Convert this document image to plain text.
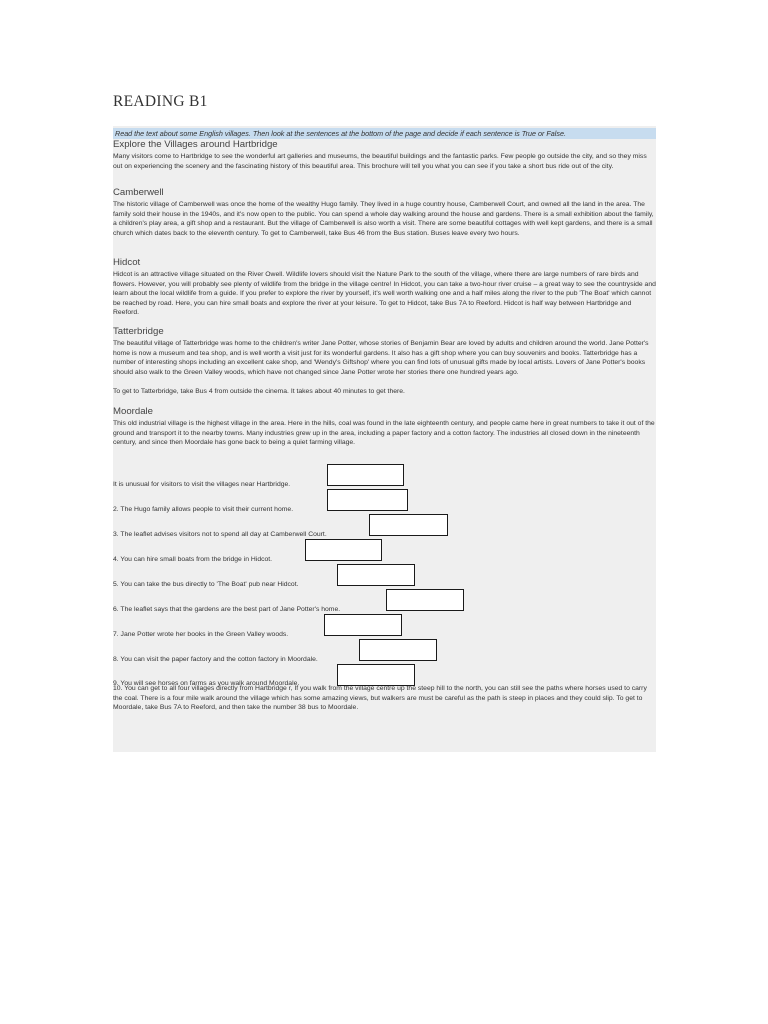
READING B1
Read the text about some English villages. Then look at the sentences at the bottom of the page and decide if each sentence is True or False.
Explore the Villages around Hartbridge

Many visitors come to Hartbridge to see the wonderful art galleries and museums, the beautiful buildings and the fantastic parks. Few people go outside the city, and so they miss out on experiencing the scenery and the fascinating history of this beautiful area. This brochure will tell you what you can see if you take a short bus ride out of the city.

Camberwell

The historic village of Camberwell was once the home of the wealthy Hugo family. They lived in a huge country house, Camberwell Court, and owned all the land in the area. The family sold their house in the 1940s, and it's now open to the public. You can spend a whole day walking around the house and gardens. There is a small exhibition about the family, a children's play area, a gift shop and a restaurant. But the village of Camberwell is also worth a visit. There are some beautiful cottages with well kept gardens, and there is a small church which dates back to the eleventh century. To get to Camberwell, take Bus 46 from the Bus station. Buses leave every two hours.

Hidcot

Hidcot is an attractive village situated on the River Owell. Wildlife lovers should visit the Nature Park to the south of the village, where there are large numbers of rare birds and flowers. However, you will probably see plenty of wildlife from the bridge in the village centre! In Hidcot, you can take a two-hour river cruise – a great way to see the countryside and learn about the local wildlife from a guide. If you prefer to explore the river by yourself, it's well worth walking one and a half miles along the river to the pub 'The Boat' which cannot be reached by road. Here, you can hire small boats and explore the river at your leisure. To get to Hidcot, take Bus 7A to Reeford. Hidcot is half way between Hartbridge and Reeford.

Tatterbridge

The beautiful village of Tatterbridge was home to the children's writer Jane Potter, whose stories of Benjamin Bear are loved by adults and children around the world. Jane Potter's home is now a museum and tea shop, and is well worth a visit just for its wonderful gardens. It also has a gift shop where you can buy souvenirs and books. Tatterbridge has a number of interesting shops including an excellent cake shop, and 'Wendy's Giftshop' where you can find lots of unusual gifts made by local artists. Lovers of Jane Potter's books should also walk to the Green Valley woods, which have not changed since Jane Potter wrote her stories there one hundred years ago.

To get to Tatterbridge, take Bus 4 from outside the cinema. It takes about 40 minutes to get there.

Moordale

This old industrial village is the highest village in the area. Here in the hills, coal was found in the late eighteenth century, and people came here in great numbers to take it out of the ground and transport it to the nearby towns. Many industries grew up in the area, including a paper factory and a cotton factory. The industries all closed down in the nineteenth century, and since then Moordale has gone back to being a quiet farming village.

It is unusual for visitors to visit the villages near Hartbridge.
2. The Hugo family allows people to visit their current home.
3. The leaflet advises visitors not to spend all day at Camberwell Court.
4. You can hire small boats from the bridge in Hidcot.
5. You can take the bus directly to 'The Boat' pub near Hidcot.
6. The leaflet says that the gardens are the best part of Jane Potter's home.
7. Jane Potter wrote her books in the Green Valley woods.
8. You can visit the paper factory and the cotton factory in Moordale.
9. You will see horses on farms as you walk around Moordale.

10. You can get to all four villages directly from Hartbridge r, If you walk from the village centre up the steep hill to the north, you can still see the paths where horses used to carry the coal. There is a four mile walk around the village which has some amazing views, but walkers are must be careful as the path is steep in places and they could slip. To get to Moordale, take Bus 7A to Reeford, and then take the number 38 bus to Moordale.
